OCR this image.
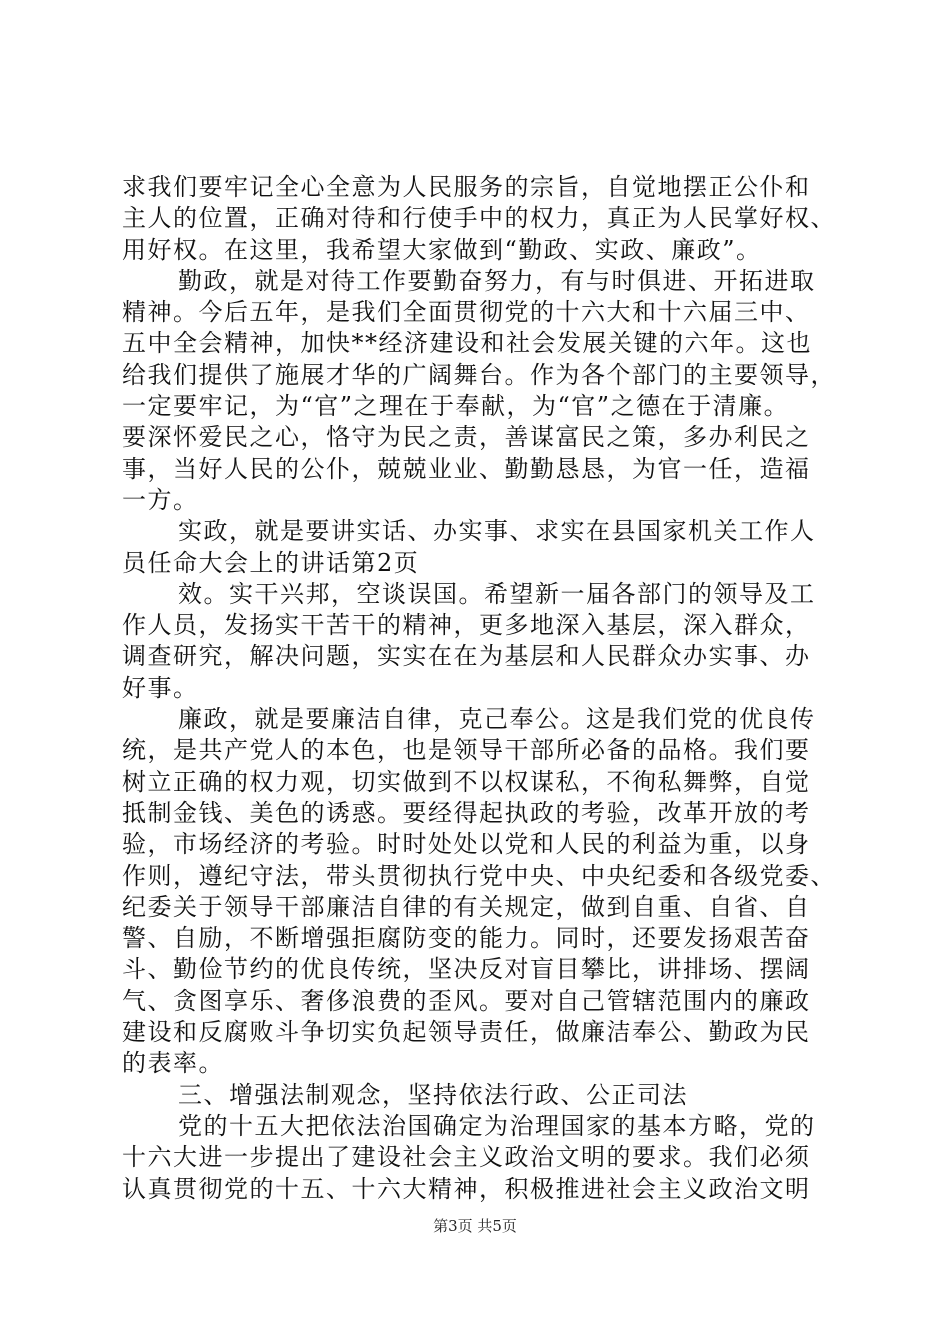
求我们要牢记全心全意为人民服务的宗旨，自觉地摆正公仆和
主人的位置，正确对待和行使手中的权力，真正为人民掌好权、
用好权。在这里，我希望大家做到“勤政、实政、廉政”。
勤政，就是对待工作要勤奋努力，有与时俱进、开拓进取
精神。今后五年，是我们全面贯彻党的十六大和十六届三中、
五中全会精神，加快**经济建设和社会发展关键的六年。这也
给我们提供了施展才华的广阔舞台。作为各个部门的主要领导，
一定要牢记，为“官”之理在于奉献，为“官”之德在于清廉。
要深怀爱民之心，恪守为民之责，善谋富民之策，多办利民之
事，当好人民的公仆，兢兢业业、勤勤恳恳，为官一任，造福
一方。
实政，就是要讲实话、办实事、求实在县国家机关工作人
员任命大会上的讲话第2页
效。实干兴邦，空谈误国。希望新一届各部门的领导及工
作人员，发扬实干苦干的精神，更多地深入基层，深入群众，
调查研究，解决问题，实实在在为基层和人民群众办实事、办
好事。
廉政，就是要廉洁自律，克己奉公。这是我们党的优良传
统，是共产党人的本色，也是领导干部所必备的品格。我们要
树立正确的权力观，切实做到不以权谋私，不徇私舞弊，自觉
抵制金钱、美色的诱惑。要经得起执政的考验，改革开放的考
验，市场经济的考验。时时处处以党和人民的利益为重，以身
作则，遵纪守法，带头贯彻执行党中央、中央纪委和各级党委、
纪委关于领导干部廉洁自律的有关规定，做到自重、自省、自
警、自励，不断增强拒腐防变的能力。同时，还要发扬艰苦奋
斗、勤俭节约的优良传统，坚决反对盲目攀比，讲排场、摆阔
气、贪图享乐、奢侈浪费的歪风。要对自己管辖范围内的廉政
建设和反腐败斗争切实负起领导责任，做廉洁奉公、勤政为民
的表率。
三、增强法制观念，坚持依法行政、公正司法
党的十五大把依法治国确定为治理国家的基本方略，党的
十六大进一步提出了建设社会主义政治文明的要求。我们必须
认真贯彻党的十五、十六大精神，积极推进社会主义政治文明
第3页 共5页
